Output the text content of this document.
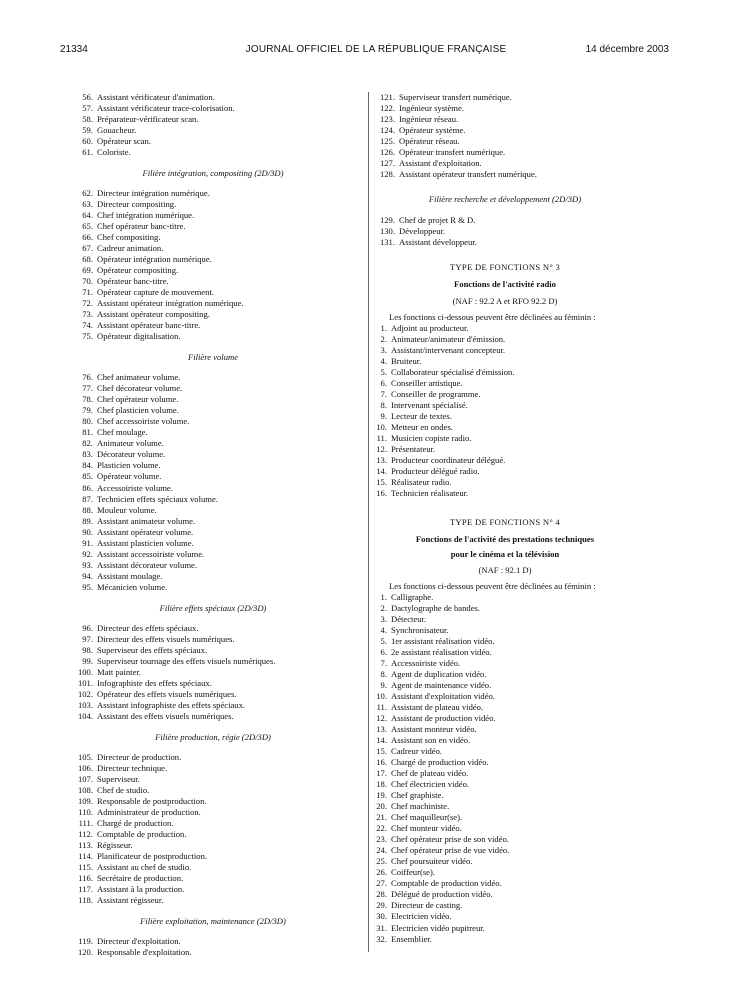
21334	JOURNAL OFFICIEL DE LA RÉPUBLIQUE FRANÇAISE	14 décembre 2003
56 . Assistant vérificateur d'animation.
57 . Assistant vérificateur trace-colorisation.
58 . Préparateur-vérificateur scan.
59 . Gouacheur.
60 . Opérateur scan.
61 . Coloriste.
Filière intégration, compositing (2D/3D)
62 . Directeur intégration numérique.
63 . Directeur compositing.
64 . Chef intégration numérique.
65 . Chef opérateur banc-titre.
66 . Chef compositing.
67 . Cadreur animation.
68 . Opérateur intégration numérique.
69 . Opérateur compositing.
70 . Opérateur banc-titre.
71 . Opérateur capture de mouvement.
72 . Assistant opérateur intégration numérique.
73 . Assistant opérateur compositing.
74 . Assistant opérateur banc-titre.
75 . Opérateur digitalisation.
Filière volume
76 . Chef animateur volume.
77 . Chef décorateur volume.
78 . Chef opérateur volume.
79 . Chef plasticien volume.
80 . Chef accessoiriste volume.
81 . Chef moulage.
82 . Animateur volume.
83 . Décorateur volume.
84 . Plasticien volume.
85 . Opérateur volume.
86 . Accessoiriste volume.
87 . Technicien effets spéciaux volume.
88 . Mouleur volume.
89 . Assistant animateur volume.
90 . Assistant opérateur volume.
91 . Assistant plasticien volume.
92 . Assistant accessoiriste volume.
93 . Assistant décorateur volume.
94 . Assistant moulage.
95 . Mécanicien volume.
Filière effets spéciaux (2D/3D)
96 . Directeur des effets spéciaux.
97 . Directeur des effets visuels numériques.
98 . Superviseur des effets spéciaux.
99 . Superviseur tournage des effets visuels numériques.
100 . Matt painter.
101 . Infographiste des effets spéciaux.
102 . Opérateur des effets visuels numériques.
103 . Assistant infographiste des effets spéciaux.
104 . Assistant des effets visuels numériques.
Filière production, régie (2D/3D)
105 . Directeur de production.
106 . Directeur technique.
107 . Superviseur.
108 . Chef de studio.
109 . Responsable de postproduction.
110 . Administrateur de production.
111 . Chargé de production.
112 . Comptable de production.
113 . Régisseur.
114 . Planificateur de postproduction.
115 . Assistant au chef de studio.
116 . Secrétaire de production.
117 . Assistant à la production.
118 . Assistant régisseur.
Filière exploitation, maintenance (2D/3D)
119 . Directeur d'exploitation.
120 . Responsable d'exploitation.
121 . Superviseur transfert numérique.
122 . Ingénieur système.
123 . Ingénieur réseau.
124 . Opérateur système.
125 . Opérateur réseau.
126 . Opérateur transfert numérique.
127 . Assistant d'exploitation.
128 . Assistant opérateur transfert numérique.
Filière recherche et développement (2D/3D)
129 . Chef de projet R & D.
130 . Développeur.
131 . Assistant développeur.
TYPE DE FONCTIONS N° 3
Fonctions de l'activité radio
(NAF : 92.2 A et RFO 92.2 D)
Les fonctions ci-dessous peuvent être déclinées au féminin :
1 . Adjoint au producteur.
2 . Animateur/animateur d'émission.
3 . Assistant/intervenant concepteur.
4 . Bruiteur.
5 . Collaborateur spécialisé d'émission.
6 . Conseiller artistique.
7 . Conseiller de programme.
8 . Intervenant spécialisé.
9 . Lecteur de textes.
10 . Metteur en ondes.
11 . Musicien copiste radio.
12 . Présentateur.
13 . Producteur coordinateur délégué.
14 . Producteur délégué radio.
15 . Réalisateur radio.
16 . Technicien réalisateur.
TYPE DE FONCTIONS N° 4
Fonctions de l'activité des prestations techniques
pour le cinéma et la télévision
(NAF : 92.1 D)
Les fonctions ci-dessous peuvent être déclinées au féminin :
1 . Calligraphe.
2 . Dactylographe de bandes.
3 . Détecteur.
4 . Synchronisateur.
5 . 1er assistant réalisation vidéo.
6 . 2e assistant réalisation vidéo.
7 . Accessoiriste vidéo.
8 . Agent de duplication vidéo.
9 . Agent de maintenance vidéo.
10 . Assistant d'exploitation vidéo.
11 . Assistant de plateau vidéo.
12 . Assistant de production vidéo.
13 . Assistant monteur vidéo.
14 . Assistant son en vidéo.
15 . Cadreur vidéo.
16 . Chargé de production vidéo.
17 . Chef de plateau vidéo.
18 . Chef électricien vidéo.
19 . Chef graphiste.
20 . Chef machiniste.
21 . Chef maquilleur(se).
22 . Chef monteur vidéo.
23 . Chef opérateur prise de son vidéo.
24 . Chef opérateur prise de vue vidéo.
25 . Chef poursuiteur vidéo.
26 . Coiffeur(se).
27 . Comptable de production vidéo.
28 . Délégué de production vidéo.
29 . Directeur de casting.
30 . Electricien vidéo.
31 . Electricien vidéo pupitreur.
32 . Ensemblier.
